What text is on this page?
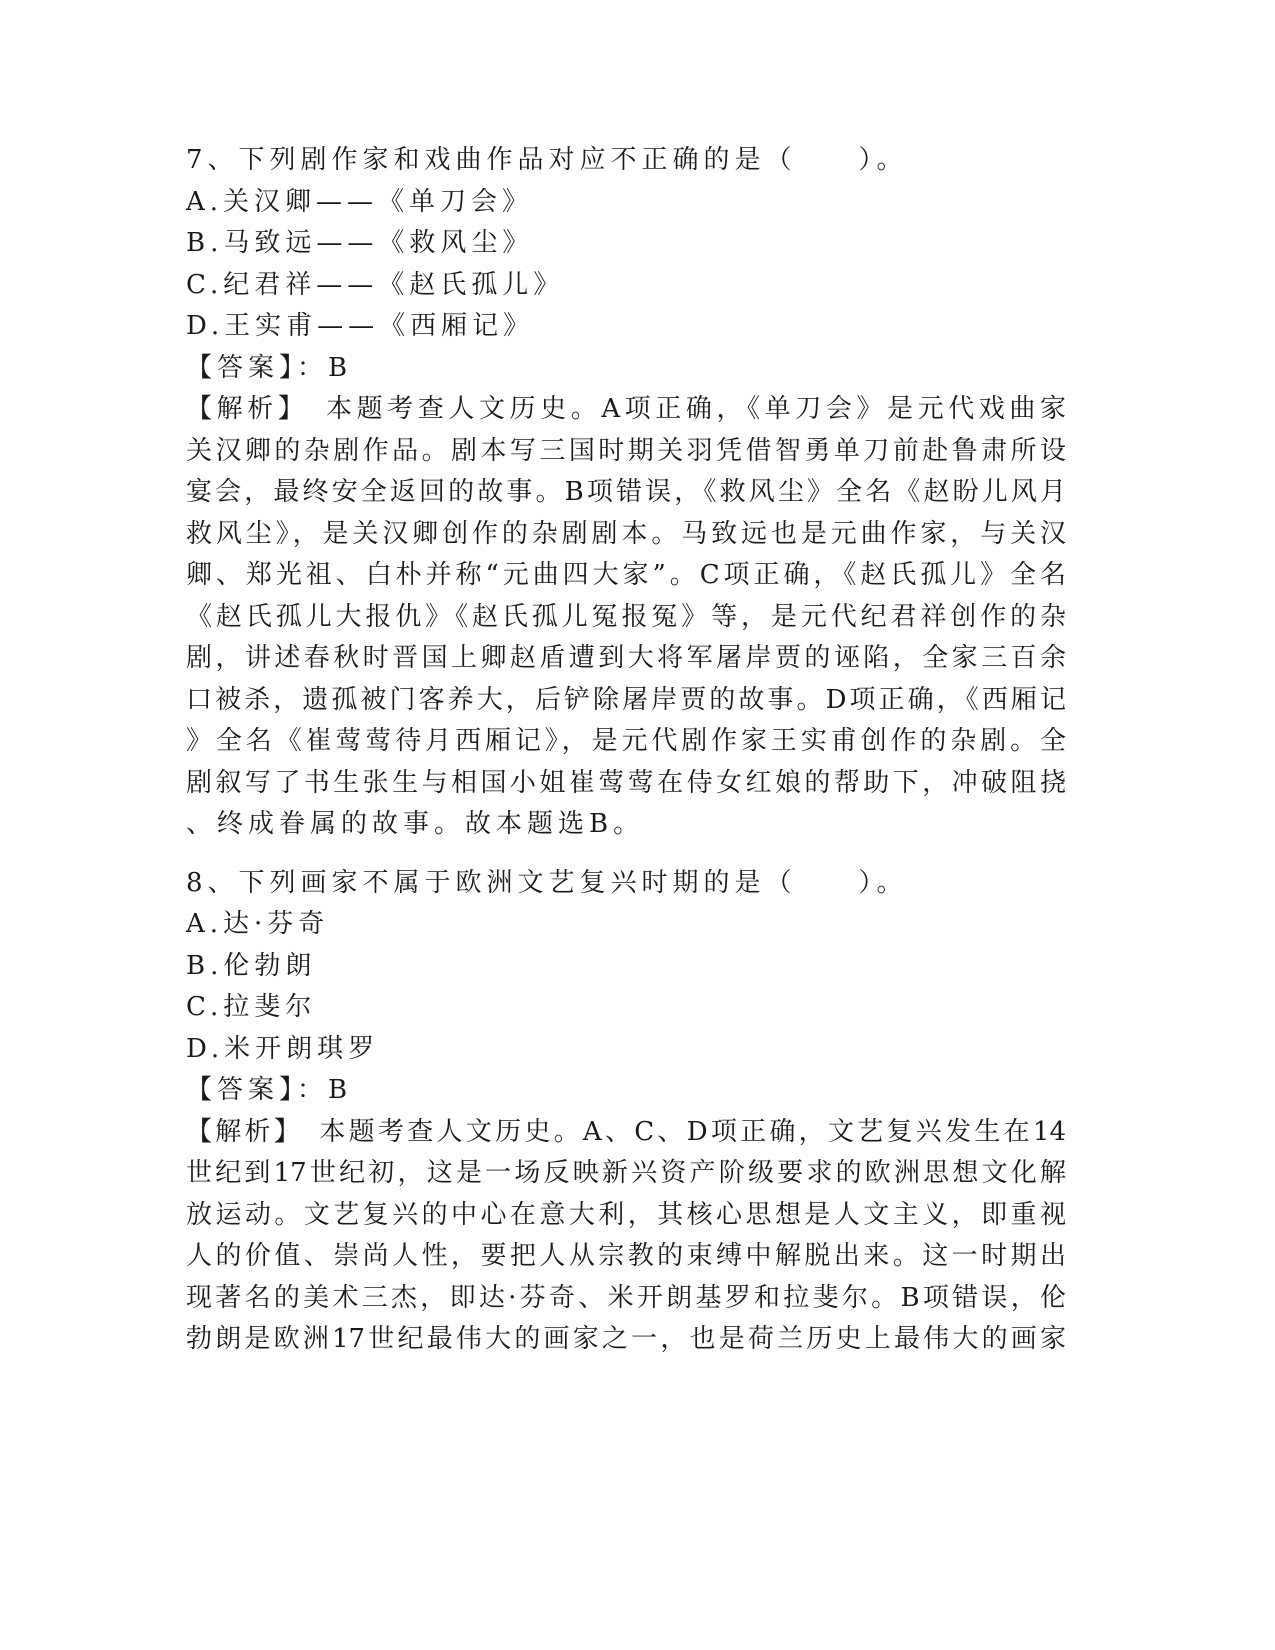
7、下列剧作家和戏曲作品对应不正确的是（　　）。
A.关汉卿——《单刀会》
B.马致远——《救风尘》
C.纪君祥——《赵氏孤儿》
D.王实甫——《西厢记》
【答案】：B
【解析】　本题考查人文历史。A项正确，《单刀会》是元代戏曲家
关汉卿的杂剧作品。剧本写三国时期关羽凭借智勇单刀前赴鲁肃所设
宴会，最终安全返回的故事。B项错误，《救风尘》全名《赵盼儿风月
救风尘》，是关汉卿创作的杂剧剧本。马致远也是元曲作家，与关汉
卿、郑光祖、白朴并称“元曲四大家”。C项正确，《赵氏孤儿》全名
《赵氏孤儿大报仇》《赵氏孤儿冤报冤》等，是元代纪君祥创作的杂
剧，讲述春秋时晋国上卿赵盾遭到大将军屠岸贾的诬陷，全家三百余
口被杀，遗孤被门客养大，后铲除屠岸贾的故事。D项正确，《西厢记
》全名《崔莺莺待月西厢记》，是元代剧作家王实甫创作的杂剧。全
剧叙写了书生张生与相国小姐崔莺莺在侍女红娘的帮助下，冲破阻挠
、终成眷属的故事。故本题选B。
8、下列画家不属于欧洲文艺复兴时期的是（　　）。
A.达·芬奇
B.伦勃朗
C.拉斐尔
D.米开朗琪罗
【答案】：B
【解析】　本题考查人文历史。A、C、D项正确，文艺复兴发生在14
世纪到17世纪初，这是一场反映新兴资产阶级要求的欧洲思想文化解
放运动。文艺复兴的中心在意大利，其核心思想是人文主义，即重视
人的价值、崇尚人性，要把人从宗教的束缚中解脱出来。这一时期出
现著名的美术三杰，即达·芬奇、米开朗基罗和拉斐尔。B项错误，伦
勃朗是欧洲17世纪最伟大的画家之一，也是荷兰历史上最伟大的画家
